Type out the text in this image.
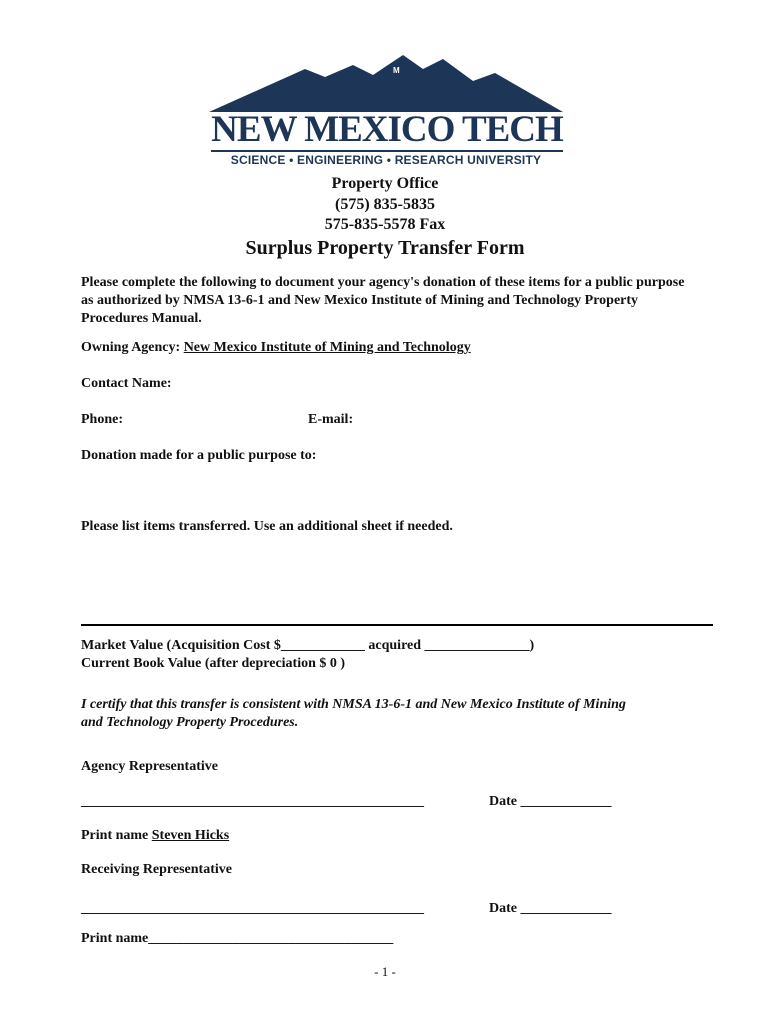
M
NEW MEXICO TECH
SCIENCE • ENGINEERING • RESEARCH UNIVERSITY
Property Office
(575) 835-5835
575-835-5578 Fax
Surplus Property Transfer Form
Please complete the following to document your agency's donation of these items for a public purpose
as authorized by NMSA 13-6-1 and New Mexico Institute of Mining and Technology Property
Procedures Manual.
Owning Agency: New Mexico Institute of Mining and Technology
Contact Name:
Phone:	E-mail:
Donation made for a public purpose to:
Please list items transferred. Use an additional sheet if needed.
Market Value (Acquisition Cost $____________ acquired _______________)
Current Book Value (after depreciation $ 0 )
I certify that this transfer is consistent with NMSA 13-6-1 and New Mexico Institute of Mining
and Technology Property Procedures.
Agency Representative
_________________________________________________	Date _____________
Print name Steven Hicks
Receiving Representative
_________________________________________________	Date _____________
Print name___________________________________
- 1 -
